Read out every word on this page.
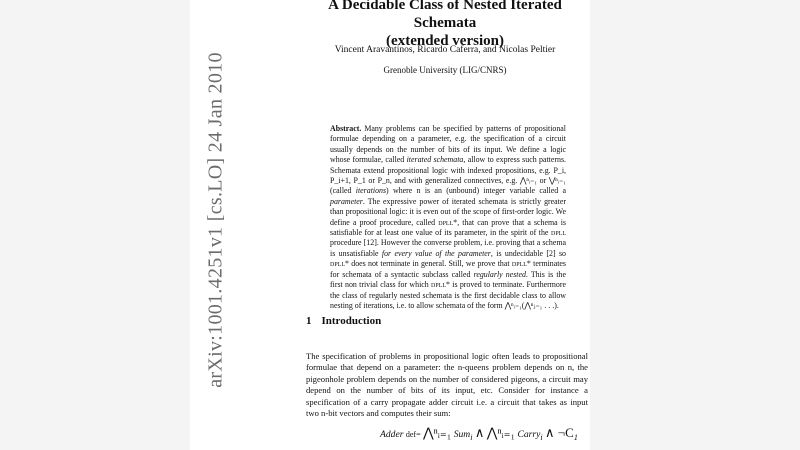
arXiv:1001.4251v1 [cs.LO] 24 Jan 2010
A Decidable Class of Nested Iterated Schemata
(extended version)
Vincent Aravantinos, Ricardo Caferra, and Nicolas Peltier
Grenoble University (LIG/CNRS)
Abstract. Many problems can be specified by patterns of propositional formulae depending on a parameter, e.g. the specification of a circuit usually depends on the number of bits of its input. We define a logic whose formulae, called iterated schemata, allow to express such patterns. Schemata extend propositional logic with indexed propositions, e.g. P_i, P_i+1, P_1 or P_n, and with generalized connectives, e.g. ⋀ⁿᵢ₌₁ or ⋁ⁿᵢ₌₁ (called iterations) where n is an (unbound) integer variable called a parameter. The expressive power of iterated schemata is strictly greater than propositional logic: it is even out of the scope of first-order logic. We define a proof procedure, called dpll*, that can prove that a schema is satisfiable for at least one value of its parameter, in the spirit of the dpll procedure [12]. However the converse problem, i.e. proving that a schema is unsatisfiable for every value of the parameter, is undecidable [2] so dpll* does not terminate in general. Still, we prove that dpll* terminates for schemata of a syntactic subclass called regularly nested. This is the first non trivial class for which dpll* is proved to terminate. Furthermore the class of regularly nested schemata is the first decidable class to allow nesting of iterations, i.e. to allow schemata of the form ⋀ⁿᵢ₌₁(⋀ⁿⱼ₌₁ . . .).
1 Introduction
The specification of problems in propositional logic often leads to propositional formulae that depend on a parameter: the n-queens problem depends on n, the pigeonhole problem depends on the number of considered pigeons, a circuit may depend on the number of bits of its input, etc. Consider for instance a specification of a carry propagate adder circuit i.e. a circuit that takes as input two n-bit vectors and computes their sum:
Adder def= ⋀ⁿᵢ₌₁ Sum$_i$ ∧ ⋀ⁿᵢ₌₁ Carry$_i$ ∧ $\neg C_1$
